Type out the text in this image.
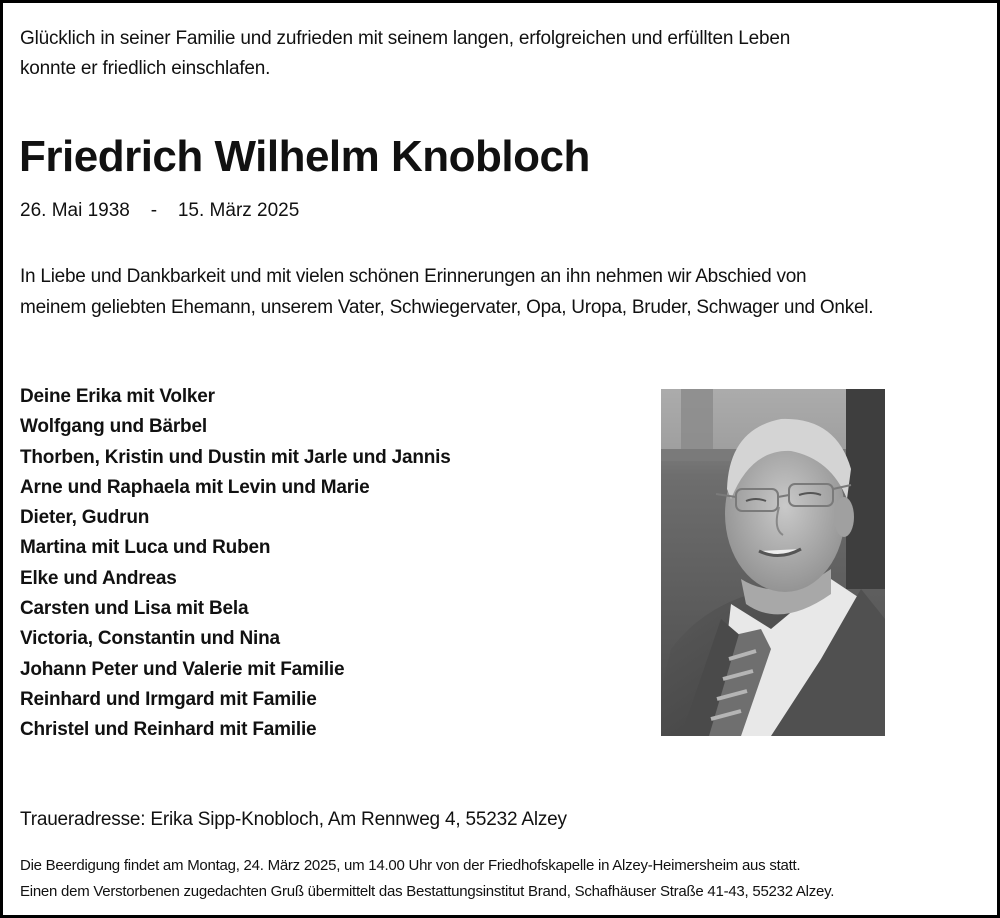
Glücklich in seiner Familie und zufrieden mit seinem langen, erfolgreichen und erfüllten Leben
konnte er friedlich einschlafen.
Friedrich Wilhelm Knobloch
26. Mai 1938 - 15. März 2025
In Liebe und Dankbarkeit und mit vielen schönen Erinnerungen an ihn nehmen wir Abschied von
meinem geliebten Ehemann, unserem Vater, Schwiegervater, Opa, Uropa, Bruder, Schwager und Onkel.
Deine Erika mit Volker
Wolfgang und Bärbel
Thorben, Kristin und Dustin mit Jarle und Jannis
Arne und Raphaela mit Levin und Marie
Dieter, Gudrun
Martina mit Luca und Ruben
Elke und Andreas
Carsten und Lisa mit Bela
Victoria, Constantin und Nina
Johann Peter und Valerie mit Familie
Reinhard und Irmgard mit Familie
Christel und Reinhard mit Familie
Traueradresse: Erika Sipp-Knobloch, Am Rennweg 4, 55232 Alzey
Die Beerdigung findet am Montag, 24. März 2025, um 14.00 Uhr von der Friedhofskapelle in Alzey-Heimersheim aus statt.
Einen dem Verstorbenen zugedachten Gruß übermittelt das Bestattungsinstitut Brand, Schafhäuser Straße 41-43, 55232 Alzey.
